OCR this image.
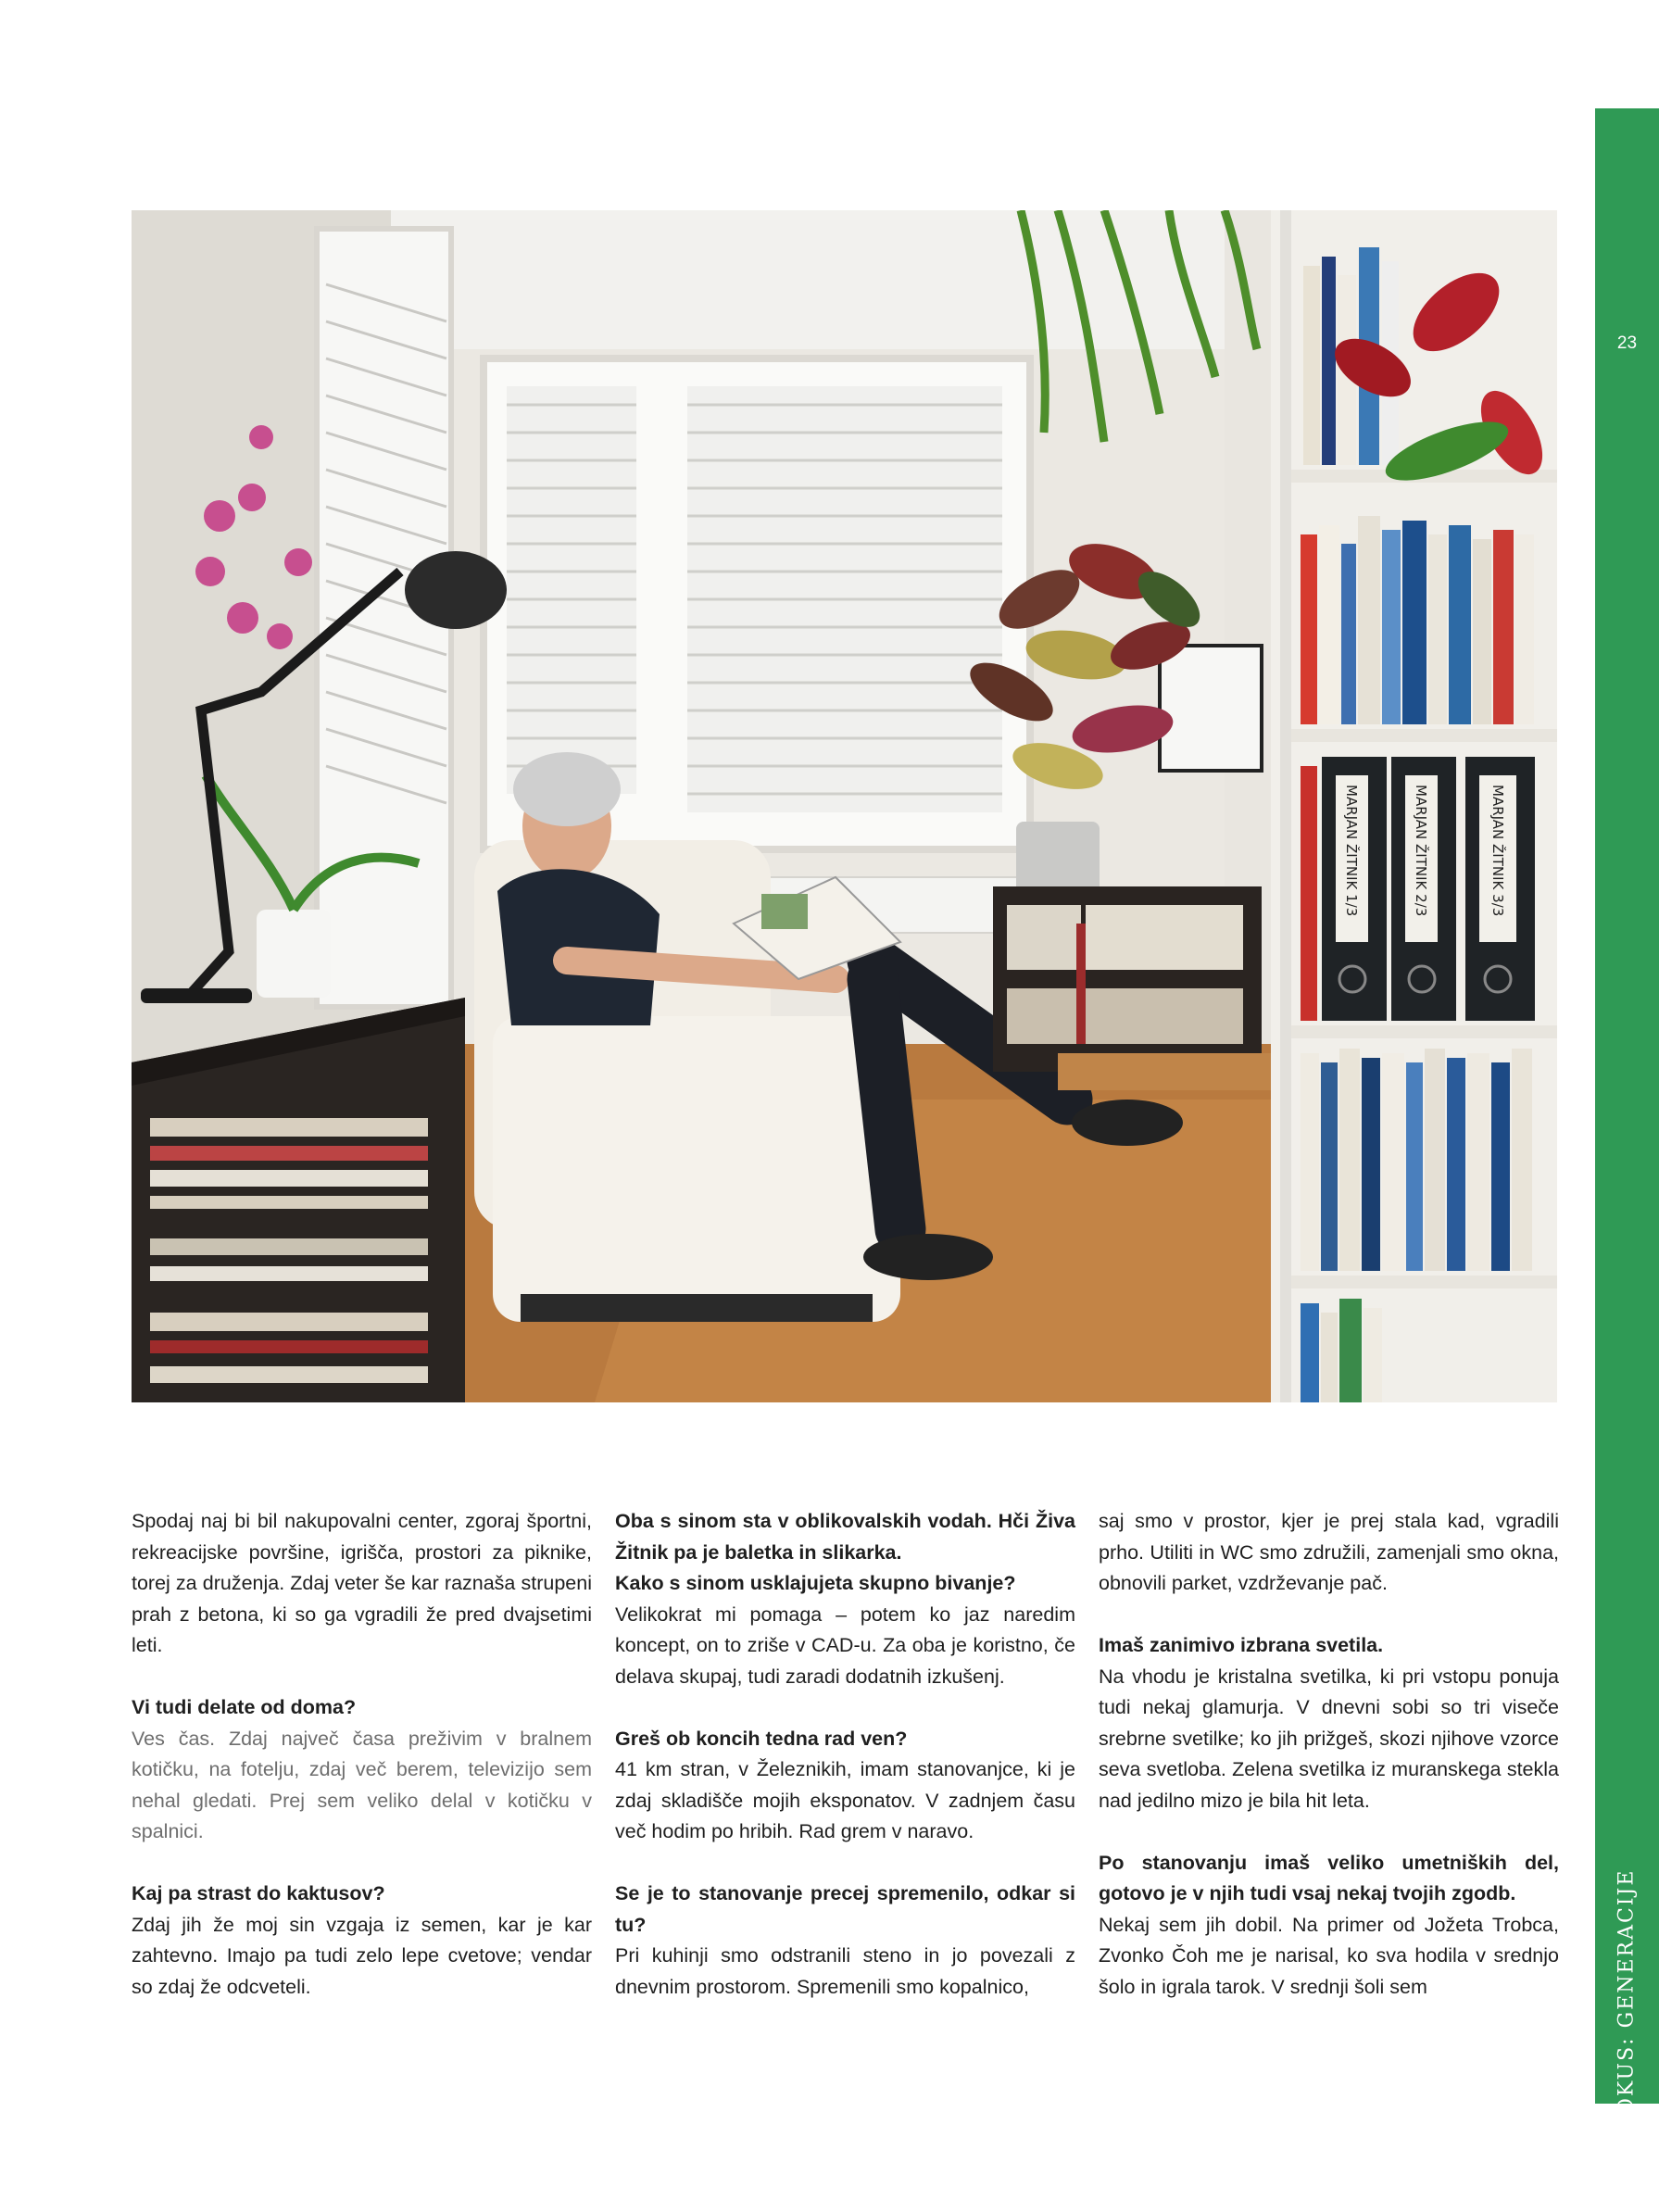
MARJAN ŽITNIK 1/3	MARJAN ŽITNIK 2/3	MARJAN ŽITNIK 3/3

Spodaj naj bi bil nakupovalni center, zgoraj športni, rekreacijske površine, igrišča, prostori za piknike, torej za druženja. Zdaj veter še kar raznaša strupeni prah z betona, ki so ga vgradili že pred dvajsetimi leti.

Vi tudi delate od doma?
Ves čas. Zdaj največ časa preživim v bralnem kotičku, na fotelju, zdaj več berem, televizijo sem nehal gledati. Prej sem veliko delal v kotičku v spalnici.

Kaj pa strast do kaktusov?
Zdaj jih že moj sin vzgaja iz semen, kar je kar zahtevno. Imajo pa tudi zelo lepe cvetove; vendar so zdaj že odcveteli.

Oba s sinom sta v oblikovalskih vodah. Hči Živa Žitnik pa je baletka in slikarka.
Kako s sinom usklajujeta skupno bivanje?
Velikokrat mi pomaga – potem ko jaz naredim koncept, on to zriše v CAD-u. Za oba je koristno, če delava skupaj, tudi zaradi dodatnih izkušenj.

Greš ob koncih tedna rad ven?
41 km stran, v Železnikih, imam stanovanjce, ki je zdaj skladišče mojih eksponatov. V zadnjem času več hodim po hribih. Rad grem v naravo.

Se je to stanovanje precej spremenilo, odkar si tu?
Pri kuhinji smo odstranili steno in jo povezali z dnevnim prostorom. Spremenili smo kopalnico,

saj smo v prostor, kjer je prej stala kad, vgradili prho. Utiliti in WC smo združili, zamenjali smo okna, obnovili parket, vzdrževanje pač.

Imaš zanimivo izbrana svetila.
Na vhodu je kristalna svetilka, ki pri vstopu ponuja tudi nekaj glamurja. V dnevni sobi so tri viseče srebrne svetilke; ko jih prižgeš, skozi njihove vzorce seva svetloba. Zelena svetilka iz muranskega stekla nad jedilno mizo je bila hit leta.

Po stanovanju imaš veliko umetniških del, gotovo je v njih tudi vsaj nekaj tvojih zgodb.
Nekaj sem jih dobil. Na primer od Jožeta Trobca, Zvonko Čoh me je narisal, ko sva hodila v srednjo šolo in igrala tarok. V srednji šoli sem

23
FOKUS: GENERACIJE
